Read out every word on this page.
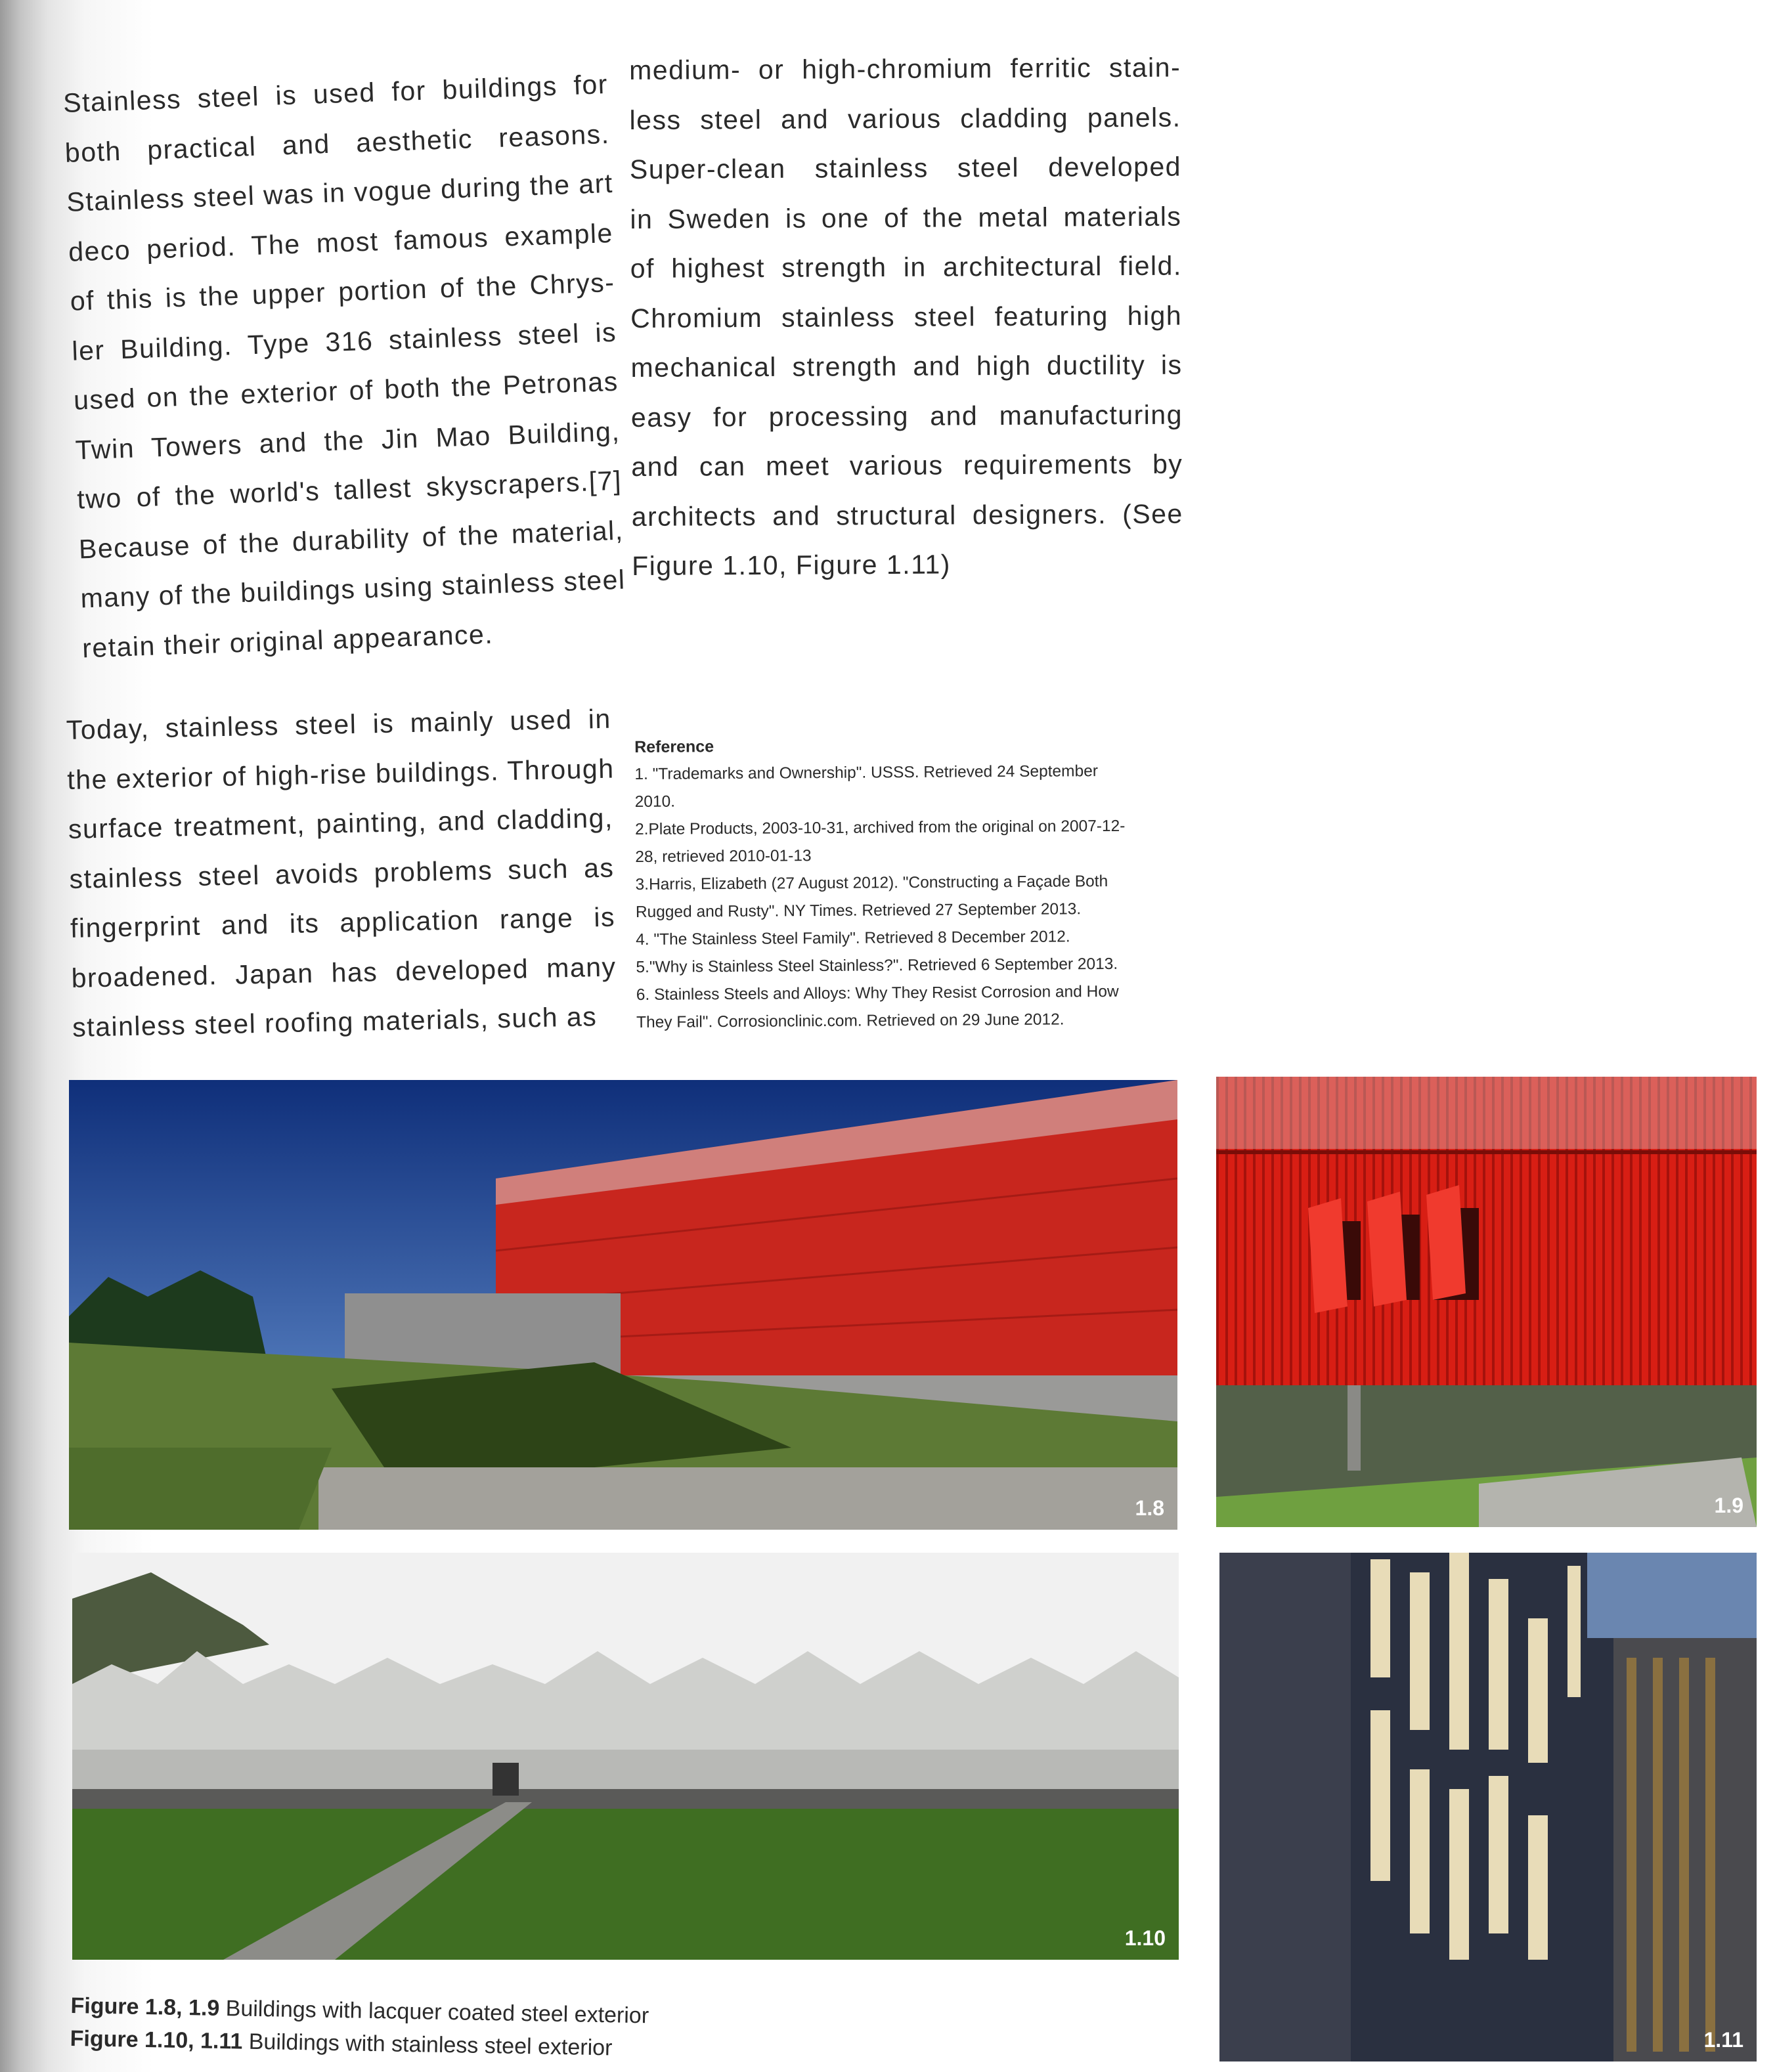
Stainless steel is used for buildings for
both practical and aesthetic reasons.
Stainless steel was in vogue during the art
deco period. The most famous example
of this is the upper portion of the Chrys-
ler Building. Type 316 stainless steel is
used on the exterior of both the Petronas
Twin Towers and the Jin Mao Building,
two of the world's tallest skyscrapers.[7]
Because of the durability of the material,
many of the buildings using stainless steel
retain their original appearance.
Today, stainless steel is mainly used in
the exterior of high-rise buildings. Through
surface treatment, painting, and cladding,
stainless steel avoids problems such as
fingerprint and its application range is
broadened. Japan has developed many
stainless steel roofing materials, such as
medium- or high-chromium ferritic stain-
less steel and various cladding panels.
Super-clean stainless steel developed
in Sweden is one of the metal materials
of highest strength in architectural field.
Chromium stainless steel featuring high
mechanical strength and high ductility is
easy for processing and manufacturing
and can meet various requirements by
architects and structural designers. (See
Figure 1.10, Figure 1.11)
Reference
1. "Trademarks and Ownership". USSS. Retrieved 24 September
2010.
2.Plate Products, 2003-10-31, archived from the original on 2007-12-
28, retrieved 2010-01-13
3.Harris, Elizabeth (27 August 2012). "Constructing a Façade Both
Rugged and Rusty". NY Times. Retrieved 27 September 2013.
4. "The Stainless Steel Family". Retrieved 8 December 2012.
5."Why is Stainless Steel Stainless?". Retrieved 6 September 2013.
6. Stainless Steels and Alloys: Why They Resist Corrosion and How
They Fail". Corrosionclinic.com. Retrieved on 29 June 2012.
1.8	1.9
1.10
1.11
Figure 1.8, 1.9 Buildings with lacquer coated steel exterior
Figure 1.10, 1.11 Buildings with stainless steel exterior
